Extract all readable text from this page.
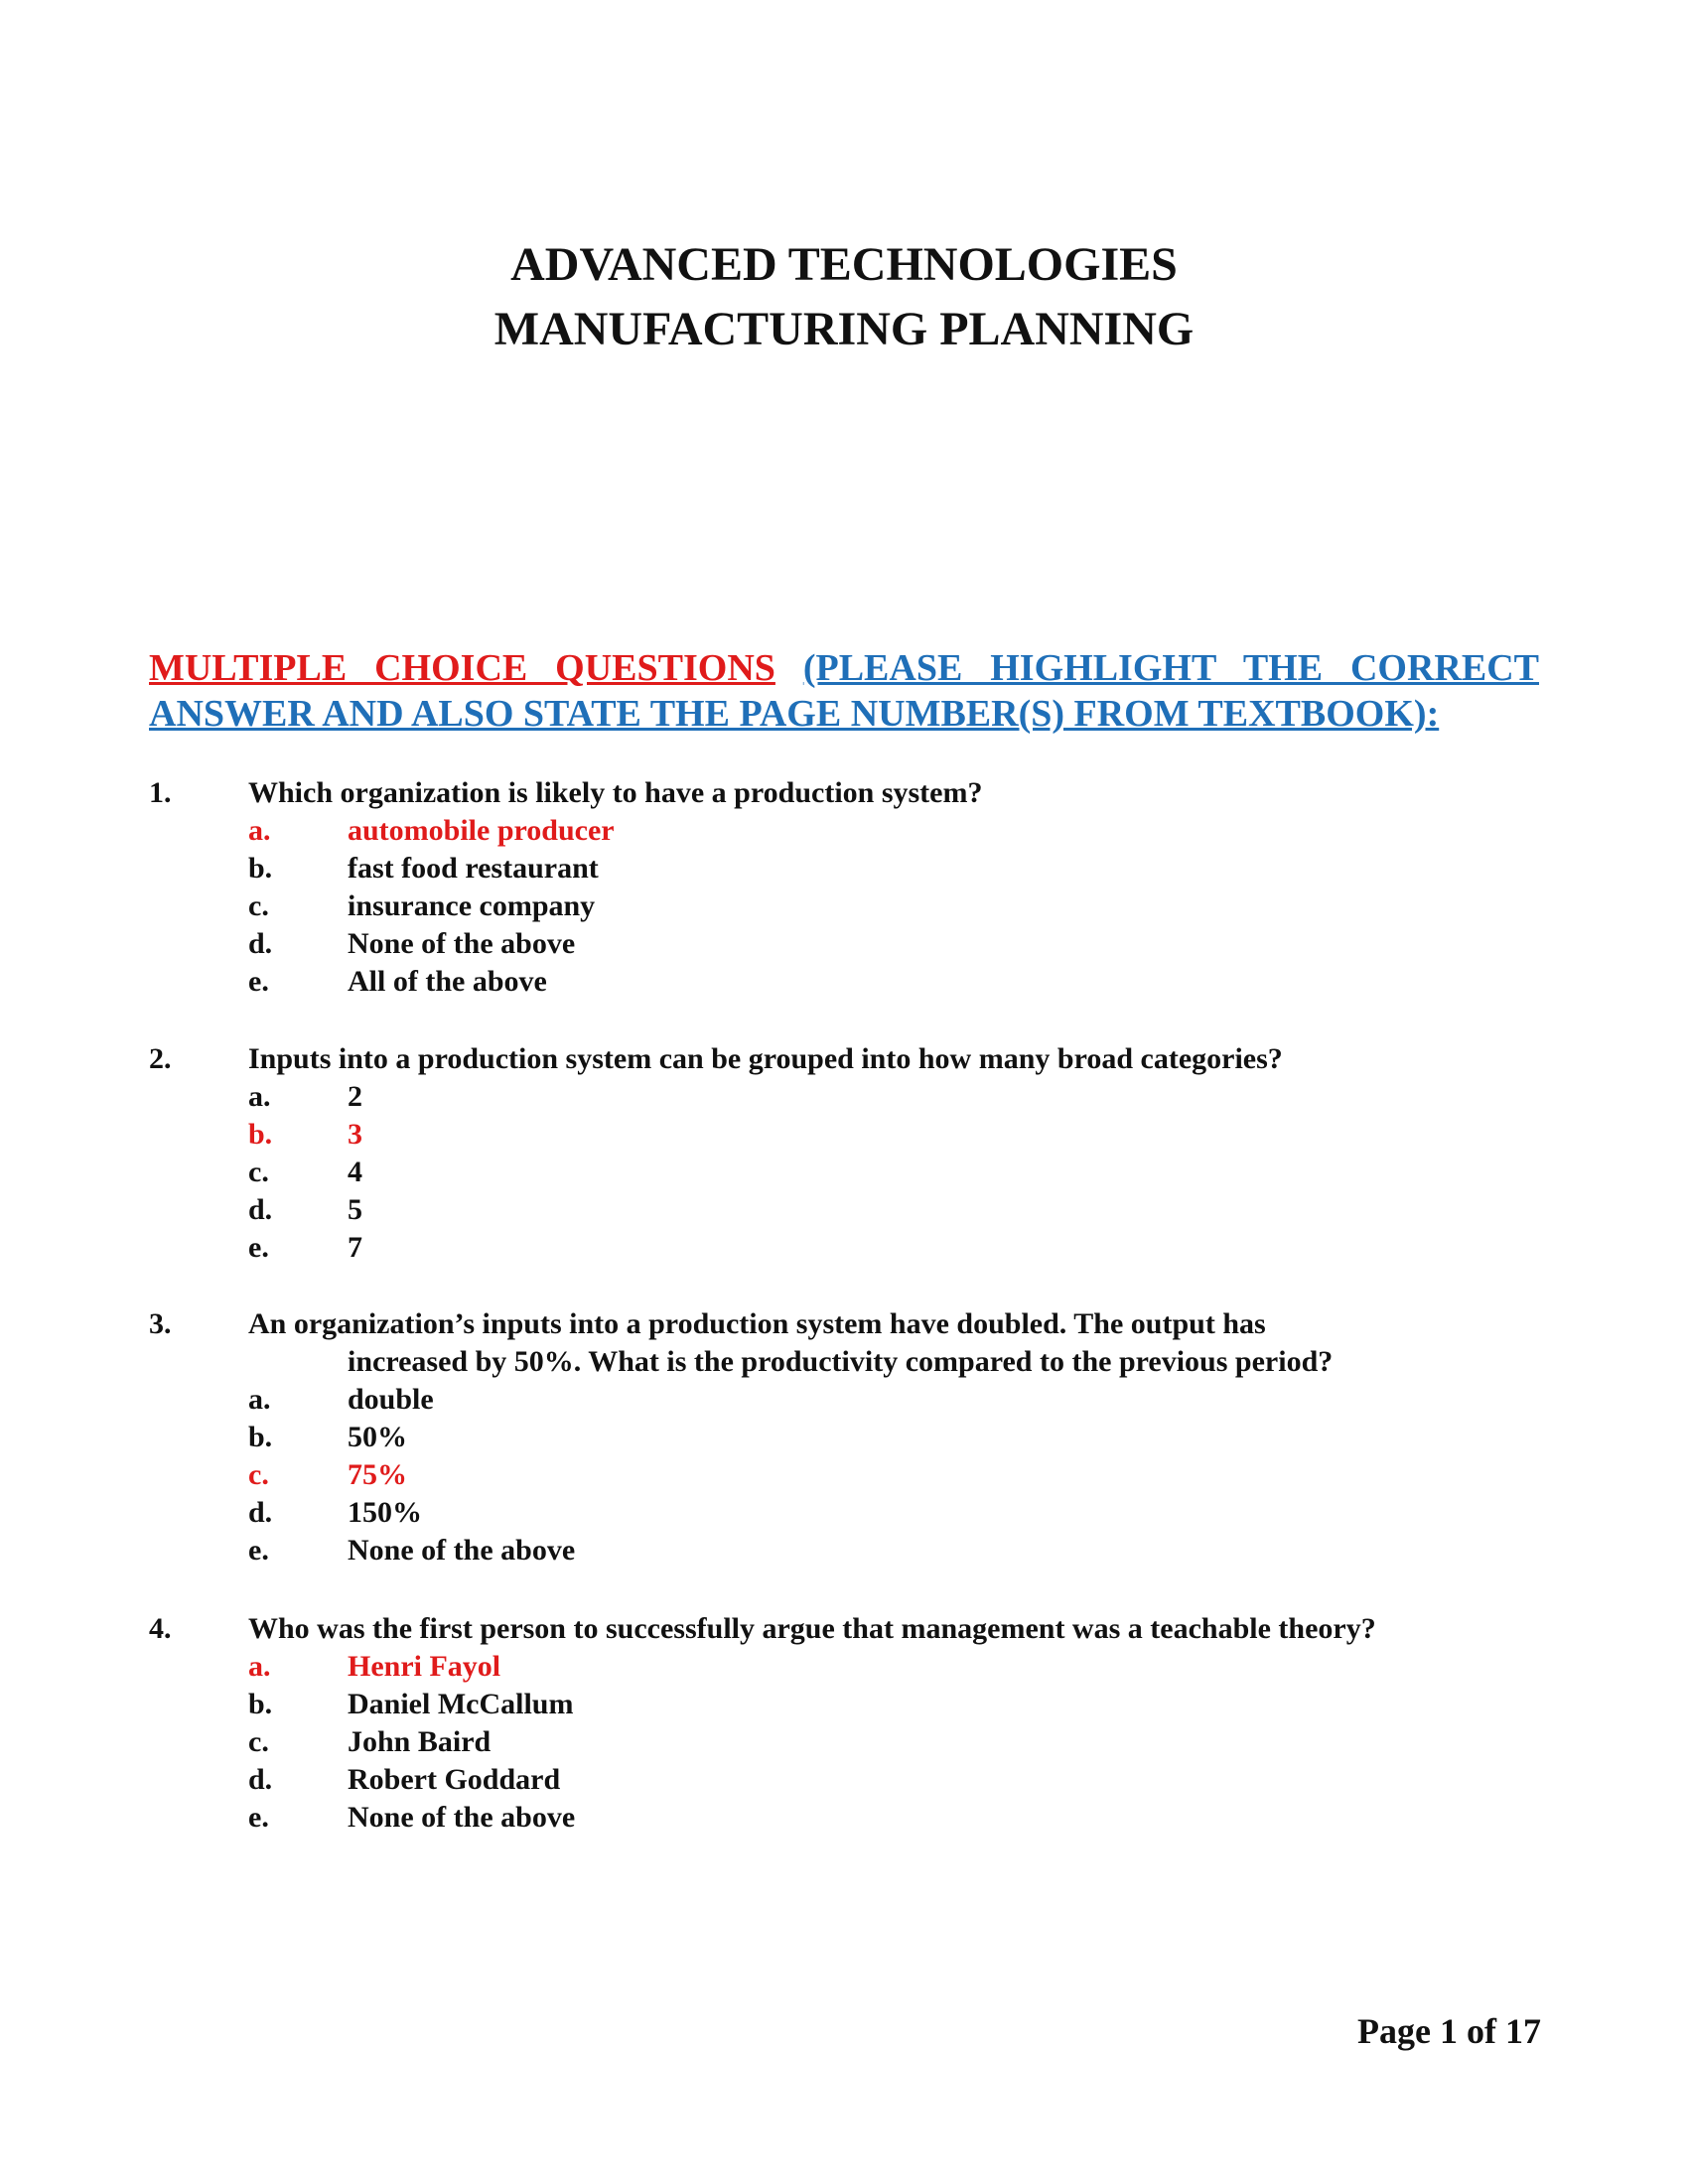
ADVANCED TECHNOLOGIES
MANUFACTURING PLANNING
MULTIPLE CHOICE QUESTIONS (PLEASE HIGHLIGHT THE CORRECT ANSWER AND ALSO STATE THE PAGE NUMBER(S) FROM TEXTBOOK):
1.	Which organization is likely to have a production system?
a.	automobile producer
b.	fast food restaurant
c.	insurance company
d.	None of the above
e.	All of the above
2.	Inputs into a production system can be grouped into how many broad categories?
a.	2
b.	3
c.	4
d.	5
e.	7
3.	An organization’s inputs into a production system have doubled. The output has
increased by 50%. What is the productivity compared to the previous period?
a.	double
b.	50%
c.	75%
d.	150%
e.	None of the above
4.	Who was the first person to successfully argue that management was a teachable theory?
a.	Henri Fayol
b.	Daniel McCallum
c.	John Baird
d.	Robert Goddard
e.	None of the above
Page 1 of 17
